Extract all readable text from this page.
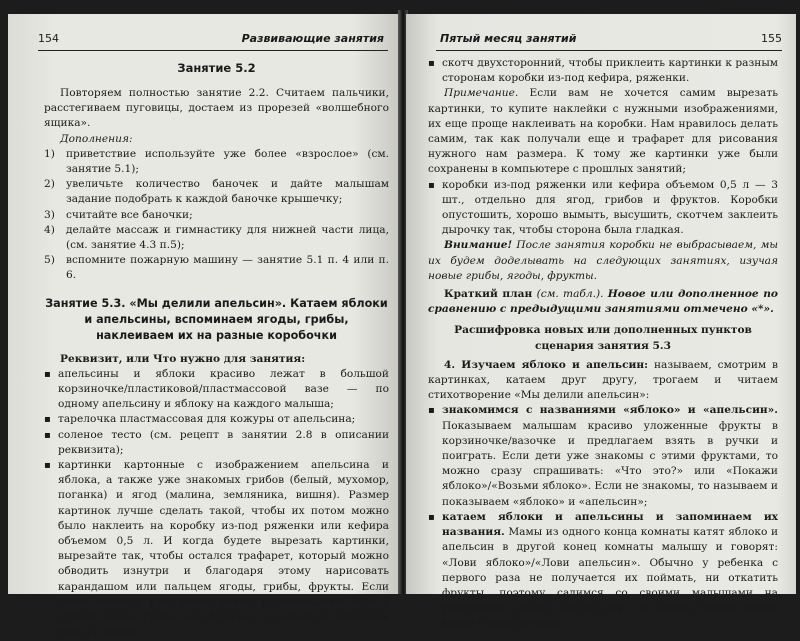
154	Развивающие занятия
Занятие 5.2

Повторяем полностью занятие 2.2. Считаем пальчики, расстегиваем пуговицы, достаем из прорезей «волшебного ящика».

Дополнения:

1) приветствие используйте уже более «взрослое» (см. занятие 5.1);
2) увеличьте количество баночек и дайте малышам задание подобрать к каждой баночке крышечку;
3) считайте все баночки;
4) делайте массаж и гимнастику для нижней части лица, (см. занятие 4.3 п.5);
5) вспомните пожарную машину — занятие 5.1 п. 4 или п. 6.
Занятие 5.3. «Мы делили апельсин». Катаем яблоки и апельсины, вспоминаем ягоды, грибы, наклеиваем их на разные коробочки

Реквизит, или Что нужно для занятия:

▪ апельсины и яблоки красиво лежат в большой корзиночке/пластиковой/пластмассовой вазе — по одному апельсину и яблоку на каждого малыша;
▪ тарелочка пластмассовая для кожуры от апельсина;
▪ соленое тесто (см. рецепт в занятии 2.8 в описании реквизита);
▪ картинки картонные с изображением апельсина и яблока, а также уже знакомых грибов (белый, мухомор, поганка) и ягод (малина, земляника, вишня). Размер картинок лучше сделать такой, чтобы их потом можно было наклеить на коробку из-под ряженки или кефира объемом 0,5 л. И когда будете вырезать картинки, вырезайте так, чтобы остался трафарет, который можно обводить изнутри и благодаря этому нарисовать карандашом или пальцем ягоды, грибы, фрукты. Если ваши малыши уже точно знают и показывают еще и другие ягоды, грибы или фрукты, то вырежьте картинки еще и с ними;
Пятый месяц занятий	155
▪ скотч двухсторонний, чтобы приклеить картинки к разным сторонам коробки из-под кефира, ряженки.

Примечание. Если вам не хочется самим вырезать картинки, то купите наклейки с нужными изображениями, их еще проще наклеивать на коробки. Нам нравилось делать самим, так как получали еще и трафарет для рисования нужного нам размера. К тому же картинки уже были сохранены в компьютере с прошлых занятий;

▪ коробки из-под ряженки или кефира объемом 0,5 л — 3 шт., отдельно для ягод, грибов и фруктов. Коробки опустошить, хорошо вымыть, высушить, скотчем заклеить дырочку так, чтобы сторона была гладкая.

Внимание! После занятия коробки не выбрасываем, мы их будем доделывать на следующих занятиях, изучая новые грибы, ягоды, фрукты.

Краткий план (см. табл.). Новое или дополненное по сравнению с предыдущими занятиями отмечено «*».

Расшифровка новых или дополненных пунктов сценария занятия 5.3

4. Изучаем яблоко и апельсин: называем, смотрим в картинках, катаем друг другу, трогаем и читаем стихотворение «Мы делили апельсин»:

▪ знакомимся с названиями «яблоко» и «апельсин». Показываем малышам красиво уложенные фрукты в корзиночке/вазочке и предлагаем взять в ручки и поиграть. Если дети уже знакомы с этими фруктами, то можно сразу спрашивать: «Что это?» или «Покажи яблоко»/«Возьми яблоко». Если не знакомы, то называем и показываем «яблоко» и «апельсин»;
▪ катаем яблоки и апельсины и запоминаем их названия. Мамы из одного конца комнаты катят яблоко и апельсин в другой конец комнаты малышу и говорят: «Лови яблоко»/«Лови апельсин». Обычно у ребенка с первого раза не получается их поймать, ни откатить фрукты, поэтому садимся со своими малышами на расстоянии одного метра друг от друга, берем ручки крохи в свои ручки и
